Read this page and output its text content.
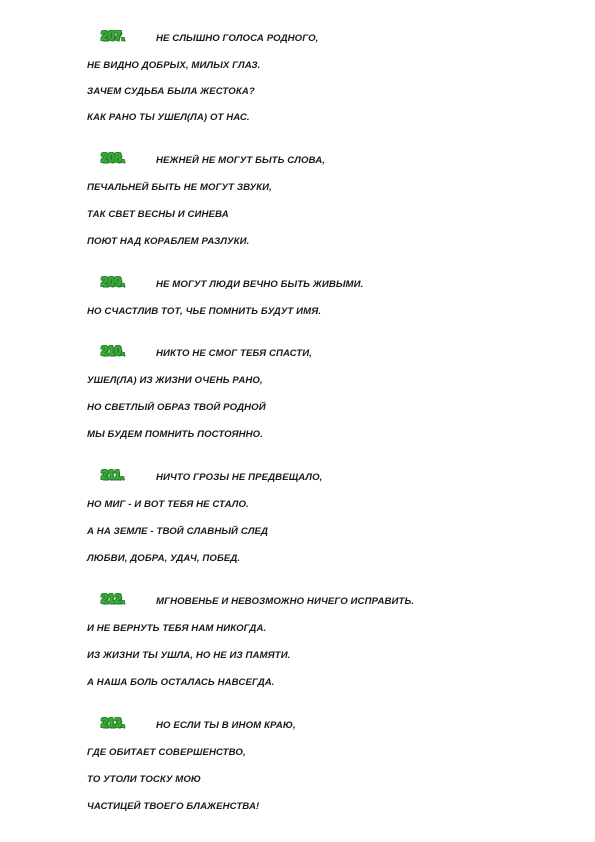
207.	НЕ СЛЫШНО ГОЛОСА РОДНОГО,
НЕ ВИДНО ДОБРЫХ, МИЛЫХ ГЛАЗ.
ЗАЧЕМ СУДЬБА БЫЛА ЖЕСТОКА?
КАК РАНО ТЫ УШЕЛ(ЛА) ОТ НАС.
208.	НЕЖНЕЙ НЕ МОГУТ БЫТЬ СЛОВА,
ПЕЧАЛЬНЕЙ БЫТЬ НЕ МОГУТ ЗВУКИ,
ТАК СВЕТ ВЕСНЫ И СИНЕВА
ПОЮТ НАД КОРАБЛЕМ РАЗЛУКИ.
209.	НЕ МОГУТ ЛЮДИ ВЕЧНО БЫТЬ ЖИВЫМИ.
НО СЧАСТЛИВ ТОТ, ЧЬЕ ПОМНИТЬ БУДУТ ИМЯ.
210.	НИКТО НЕ СМОГ ТЕБЯ СПАСТИ,
УШЕЛ(ЛА) ИЗ ЖИЗНИ ОЧЕНЬ РАНО,
НО СВЕТЛЫЙ ОБРАЗ ТВОЙ РОДНОЙ
МЫ БУДЕМ ПОМНИТЬ ПОСТОЯННО.
211.	НИЧТО ГРОЗЫ НЕ ПРЕДВЕЩАЛО,
НО МИГ - И ВОТ ТЕБЯ НЕ СТАЛО.
А НА ЗЕМЛЕ - ТВОЙ СЛАВНЫЙ СЛЕД
ЛЮБВИ, ДОБРА, УДАЧ, ПОБЕД.
212.	МГНОВЕНЬЕ И НЕВОЗМОЖНО НИЧЕГО ИСПРАВИТЬ.
И НЕ ВЕРНУТЬ ТЕБЯ НАМ НИКОГДА.
ИЗ ЖИЗНИ ТЫ УШЛА, НО НЕ ИЗ ПАМЯТИ.
А НАША БОЛЬ ОСТАЛАСЬ НАВСЕГДА.
213.	НО ЕСЛИ ТЫ В ИНОМ КРАЮ,
ГДЕ ОБИТАЕТ СОВЕРШЕНСТВО,
ТО УТОЛИ ТОСКУ МОЮ
ЧАСТИЦЕЙ ТВОЕГО БЛАЖЕНСТВА!
